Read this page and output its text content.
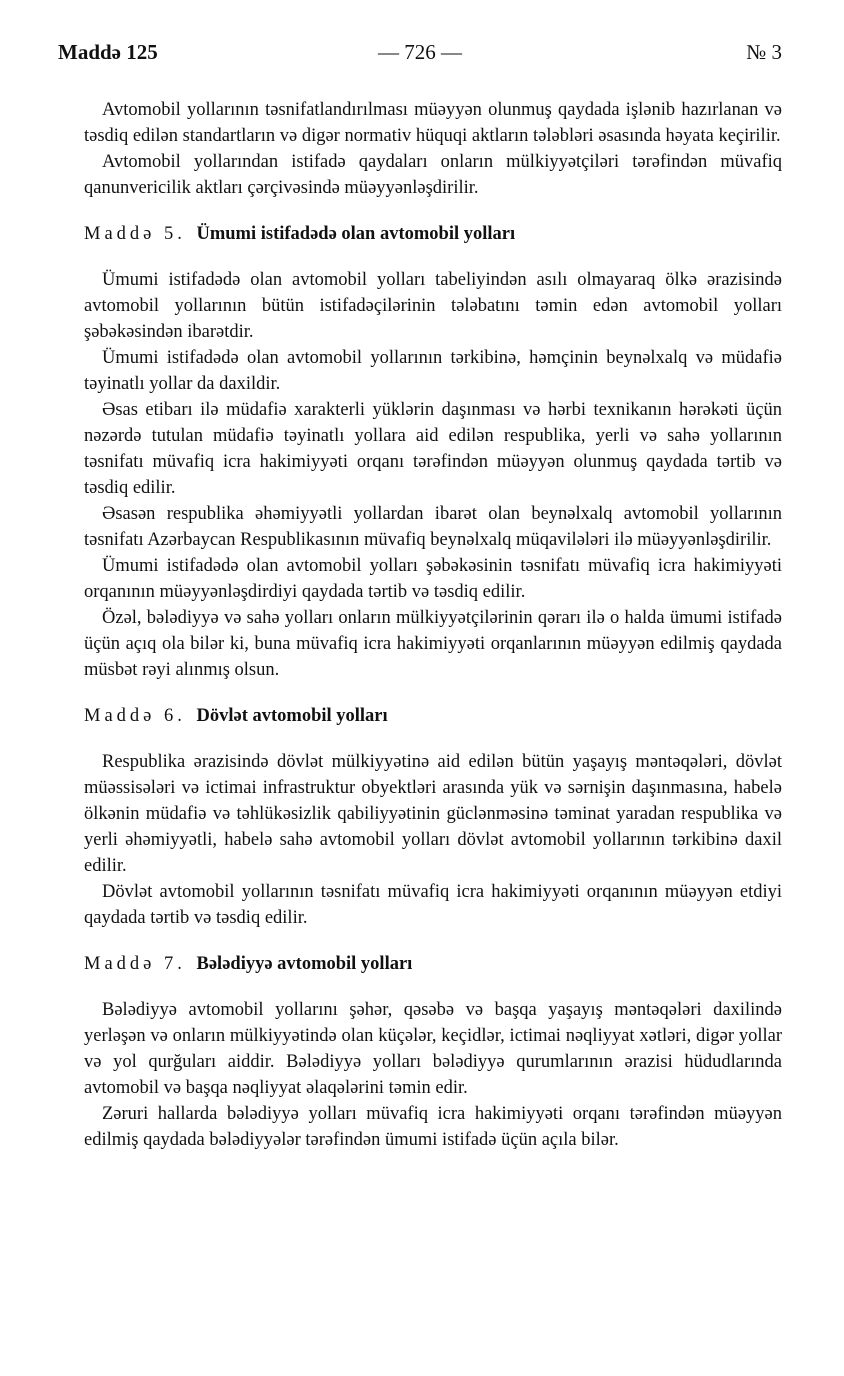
Maddə 125	— 726 —	№ 3

Avtomobil yollarının təsnifatlandırılması müəyyən olunmuş qaydada işlənib hazırlanan və təsdiq edilən standartların və digər normativ hüquqi aktların tələbləri əsasında həyata keçirilir.

Avtomobil yollarından istifadə qaydaları onların mülkiyyətçiləri tərəfindən müvafiq qanunvericilik aktları çərçivəsində müəyyənləşdirilir.

Maddə 5. Ümumi istifadədə olan avtomobil yolları

Ümumi istifadədə olan avtomobil yolları tabeliyindən asılı olmayaraq ölkə ərazisində avtomobil yollarının bütün istifadəçilərinin tələbatını təmin edən avtomobil yolları şəbəkəsindən ibarətdir.

Ümumi istifadədə olan avtomobil yollarının tərkibinə, həmçinin beynəlxalq və müdafiə təyinatlı yollar da daxildir.

Əsas etibarı ilə müdafiə xarakterli yüklərin daşınması və hərbi texnikanın hərəkəti üçün nəzərdə tutulan müdafiə təyinatlı yollara aid edilən respublika, yerli və sahə yollarının təsnifatı müvafiq icra hakimiyyəti orqanı tərəfindən müəyyən olunmuş qaydada tərtib və təsdiq edilir.

Əsasən respublika əhəmiyyətli yollardan ibarət olan beynəlxalq avtomobil yollarının təsnifatı Azərbaycan Respublikasının müvafiq beynəlxalq müqavilələri ilə müəyyənləşdirilir.

Ümumi istifadədə olan avtomobil yolları şəbəkəsinin təsnifatı müvafiq icra hakimiyyəti orqanının müəyyənləşdirdiyi qaydada tərtib və təsdiq edilir.

Özəl, bələdiyyə və sahə yolları onların mülkiyyətçilərinin qərarı ilə o halda ümumi istifadə üçün açıq ola bilər ki, buna müvafiq icra hakimiyyəti orqanlarının müəyyən edilmiş qaydada müsbət rəyi alınmış olsun.

Maddə 6. Dövlət avtomobil yolları

Respublika ərazisində dövlət mülkiyyətinə aid edilən bütün yaşayış məntəqələri, dövlət müəssisələri və ictimai infrastruktur obyektləri arasında yük və sərnişin daşınmasına, habelə ölkənin müdafiə və təhlükəsizlik qabiliyyətinin güclənməsinə təminat yaradan respublika və yerli əhəmiyyətli, habelə sahə avtomobil yolları dövlət avtomobil yollarının tərkibinə daxil edilir.

Dövlət avtomobil yollarının təsnifatı müvafiq icra hakimiyyəti orqanının müəyyən etdiyi qaydada tərtib və təsdiq edilir.

Maddə 7. Bələdiyyə avtomobil yolları

Bələdiyyə avtomobil yollarını şəhər, qəsəbə və başqa yaşayış məntəqələri daxilində yerləşən və onların mülkiyyətində olan küçələr, keçidlər, ictimai nəqliyyat xətləri, digər yollar və yol qurğuları aiddir. Bələdiyyə yolları bələdiyyə qurumlarının ərazisi hüdudlarında avtomobil və başqa nəqliyyat əlaqələrini təmin edir.

Zəruri hallarda bələdiyyə yolları müvafiq icra hakimiyyəti orqanı tərəfindən müəyyən edilmiş qaydada bələdiyyələr tərəfindən ümumi istifadə üçün açıla bilər.
